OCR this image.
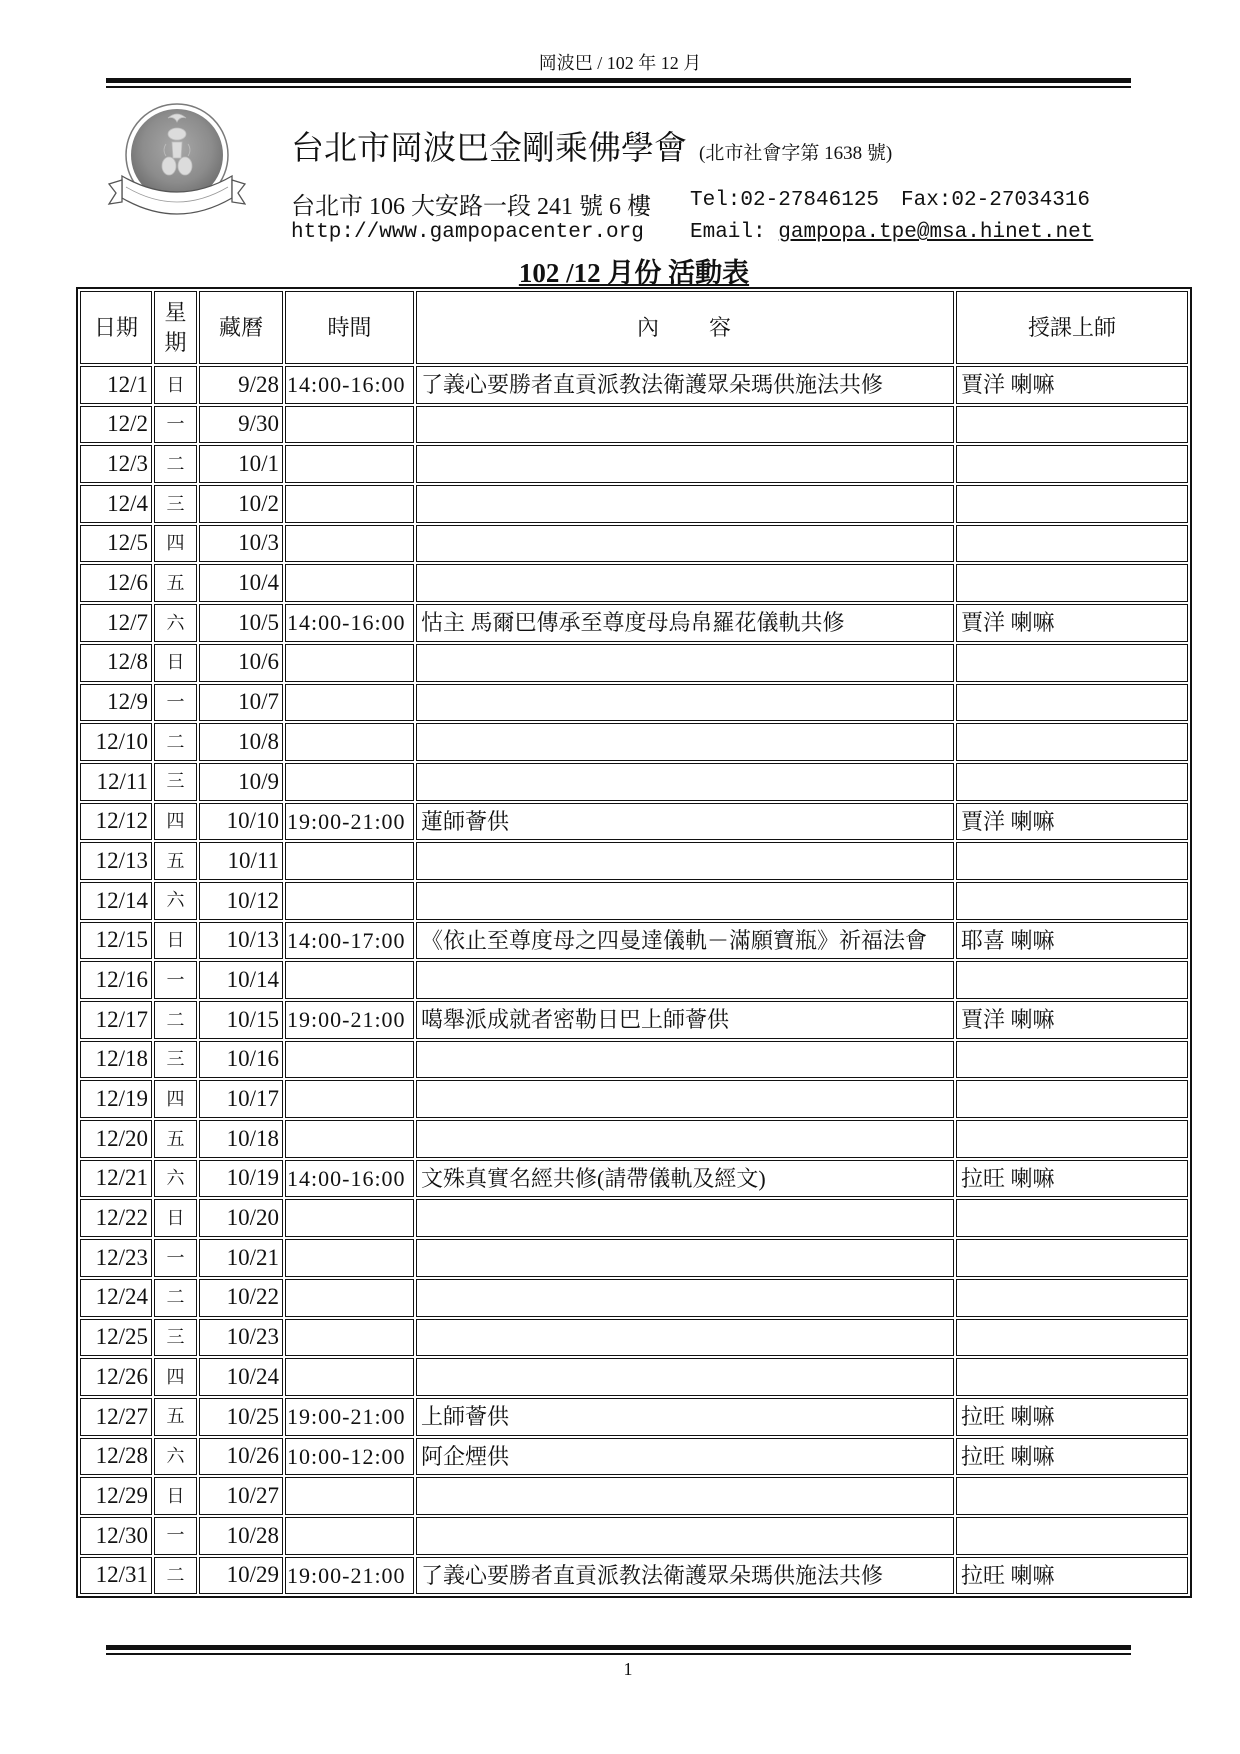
岡波巴 / 102 年 12 月
台北市岡波巴金剛乘佛學會 (北市社會字第 1638 號)
台北市 106 大安路一段 241 號 6 樓 Tel:02-27846125 Fax:02-27034316
http://www.gampopacenter.org Email: gampopa.tpe@msa.hinet.net
102 /12 月份 活動表
日期	星期	藏曆	時間	內　　容	授課上師
12/1	日	9/28	14:00-16:00	了義心要勝者直貢派教法衛護眾朵瑪供施法共修	賈洋 喇嘛
12/2	一	9/30			
12/3	二	10/1			
12/4	三	10/2			
12/5	四	10/3			
12/6	五	10/4			
12/7	六	10/5	14:00-16:00	怙主 馬爾巴傳承至尊度母烏帛羅花儀軌共修	賈洋 喇嘛
12/8	日	10/6			
12/9	一	10/7			
12/10	二	10/8			
12/11	三	10/9			
12/12	四	10/10	19:00-21:00	蓮師薈供	賈洋 喇嘛
12/13	五	10/11			
12/14	六	10/12			
12/15	日	10/13	14:00-17:00	《依止至尊度母之四曼達儀軌－滿願寶瓶》祈福法會	耶喜 喇嘛
12/16	一	10/14			
12/17	二	10/15	19:00-21:00	噶舉派成就者密勒日巴上師薈供	賈洋 喇嘛
12/18	三	10/16			
12/19	四	10/17			
12/20	五	10/18			
12/21	六	10/19	14:00-16:00	文殊真實名經共修(請帶儀軌及經文)	拉旺 喇嘛
12/22	日	10/20			
12/23	一	10/21			
12/24	二	10/22			
12/25	三	10/23			
12/26	四	10/24			
12/27	五	10/25	19:00-21:00	上師薈供	拉旺 喇嘛
12/28	六	10/26	10:00-12:00	阿企煙供	拉旺 喇嘛
12/29	日	10/27			
12/30	一	10/28			
12/31	二	10/29	19:00-21:00	了義心要勝者直貢派教法衛護眾朵瑪供施法共修	拉旺 喇嘛
1
